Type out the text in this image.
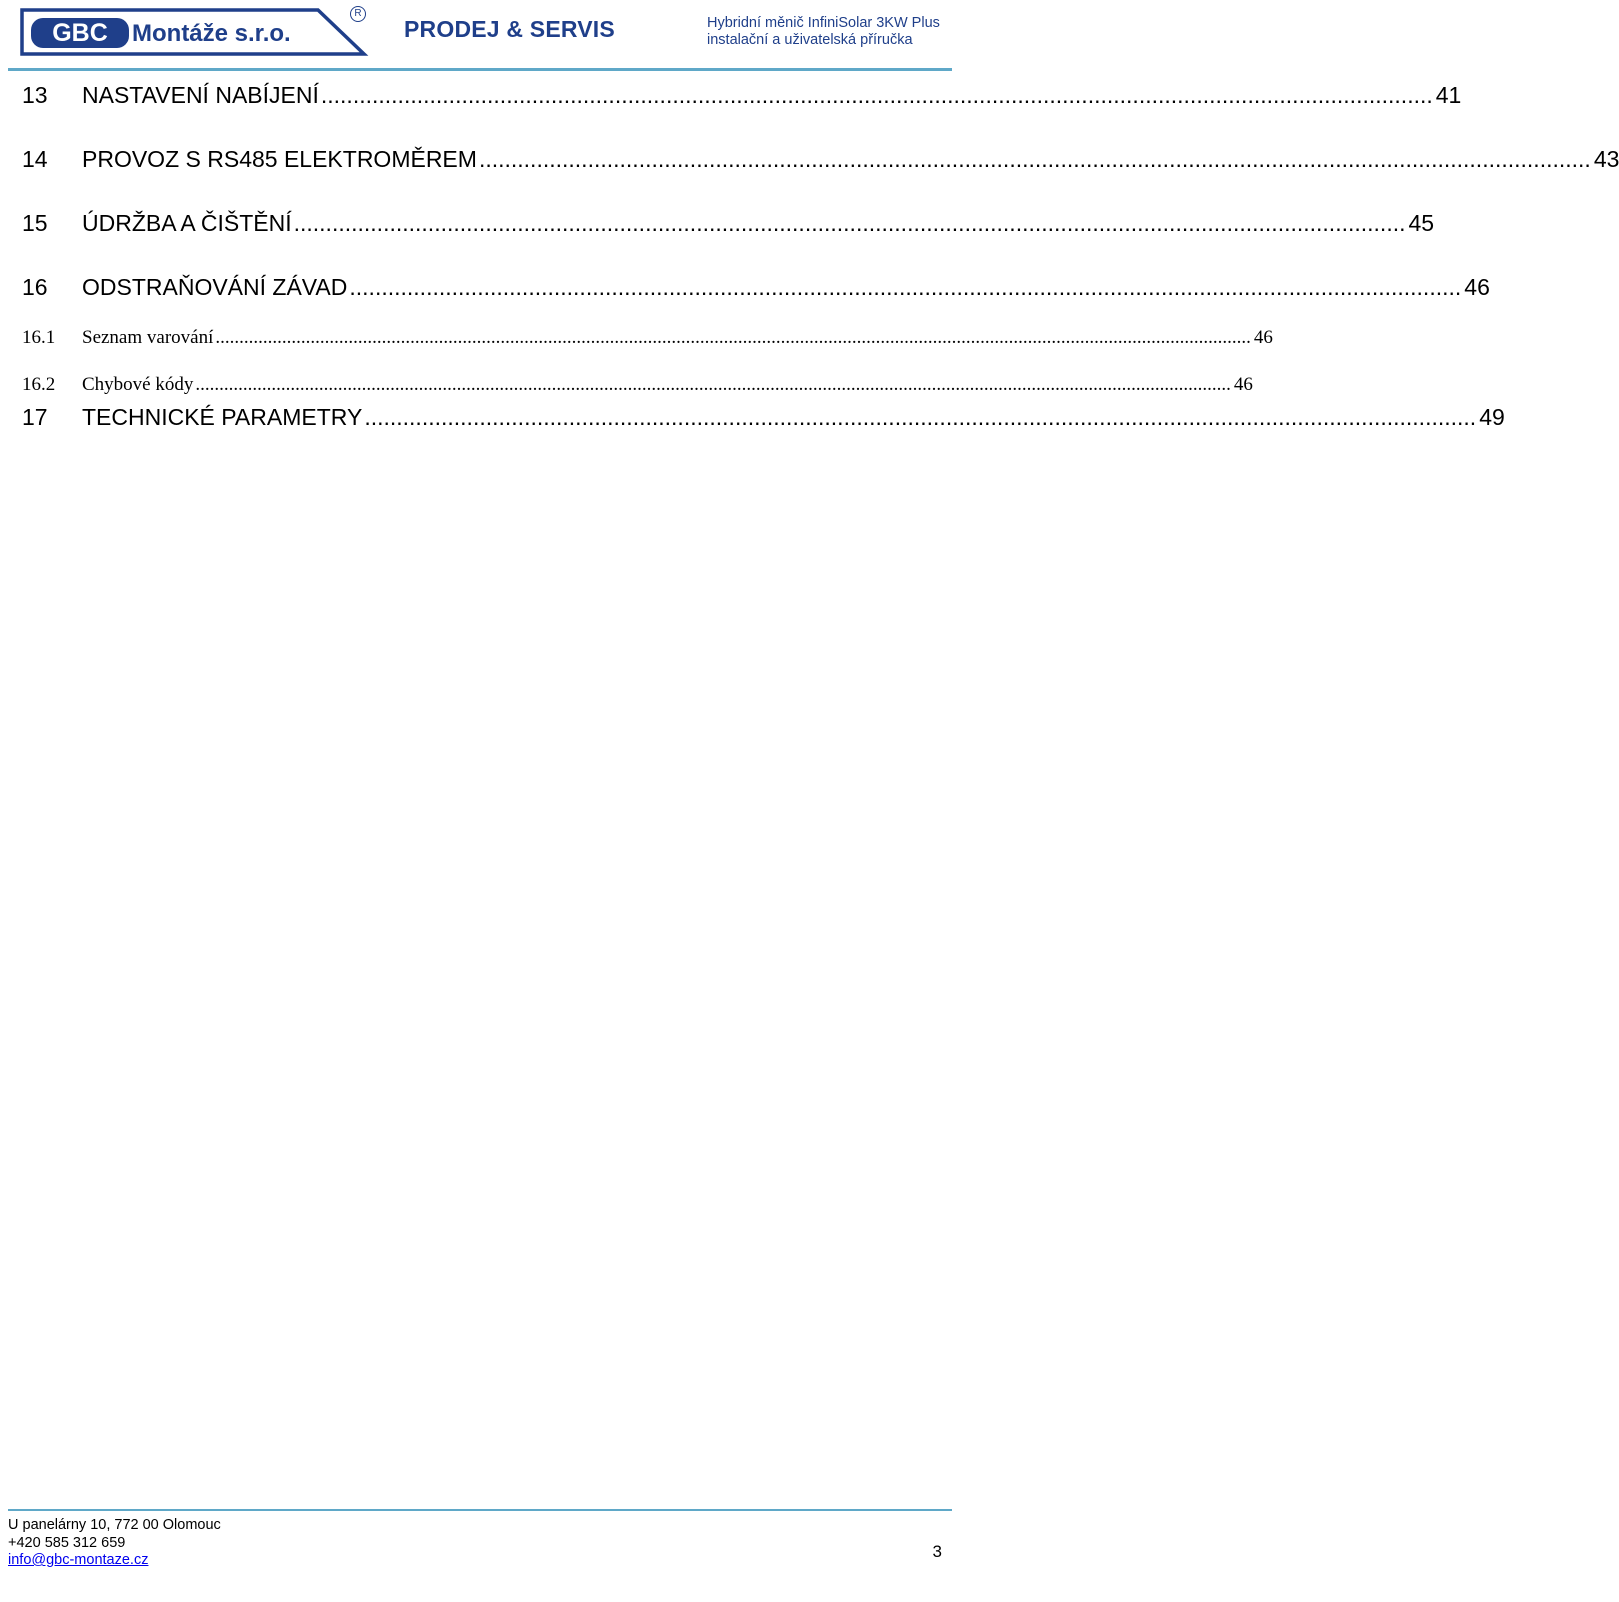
GBC Montáže s.r.o.
R
PRODEJ & SERVIS	Hybridní měnič InfiniSolar 3KW Plus
instalační a uživatelská příručka
13	NASTAVENÍ NABÍJENÍ .............................................................................................................................................................................. 41
14	PROVOZ S RS485 ELEKTROMĚREM .............................................................................................................................................................................. 43
15	ÚDRŽBA A ČIŠTĚNÍ .............................................................................................................................................................................. 45
16	ODSTRAŇOVÁNÍ ZÁVAD .............................................................................................................................................................................. 46
16.1	Seznam varování .......................................................................................................................................................................................................................... 46
16.2	Chybové kódy .......................................................................................................................................................................................................................... 46
17	TECHNICKÉ PARAMETRY .............................................................................................................................................................................. 49
U panelárny 10, 772 00 Olomouc
+420 585 312 659
info@gbc-montaze.cz	3
